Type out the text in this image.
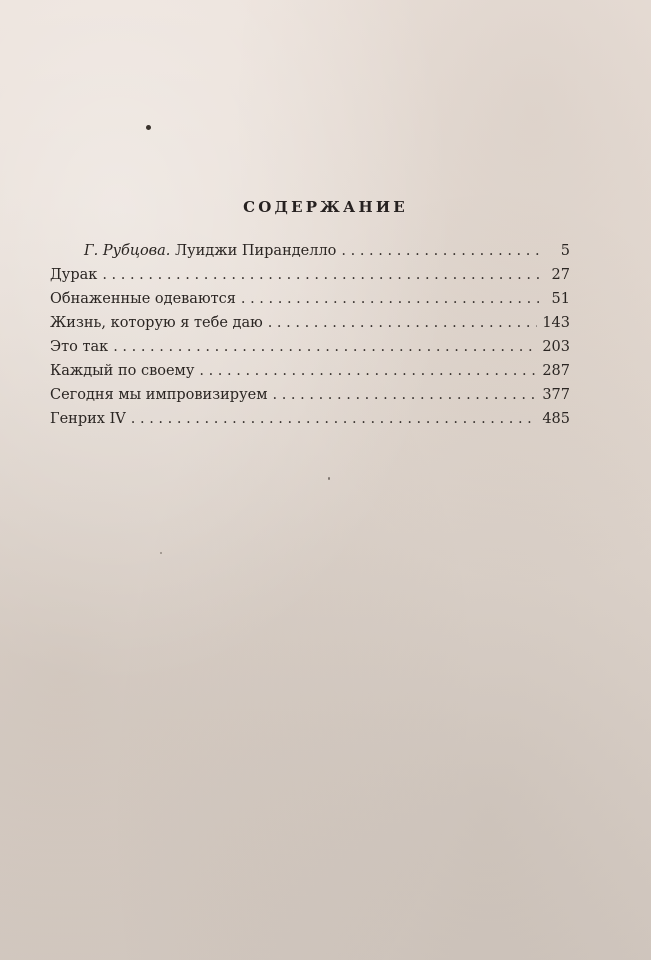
СОДЕРЖАНИЕ
Г. Рубцова. Луиджи Пиранделло . . .	5
Дурак . . .	27
Обнаженные одеваются . . .	51
Жизнь, которую я тебе даю . . .	143
Это так . . .	203
Каждый по своему . . .	287
Сегодня мы импровизируем . . .	377
Генрих IV . . .	485
